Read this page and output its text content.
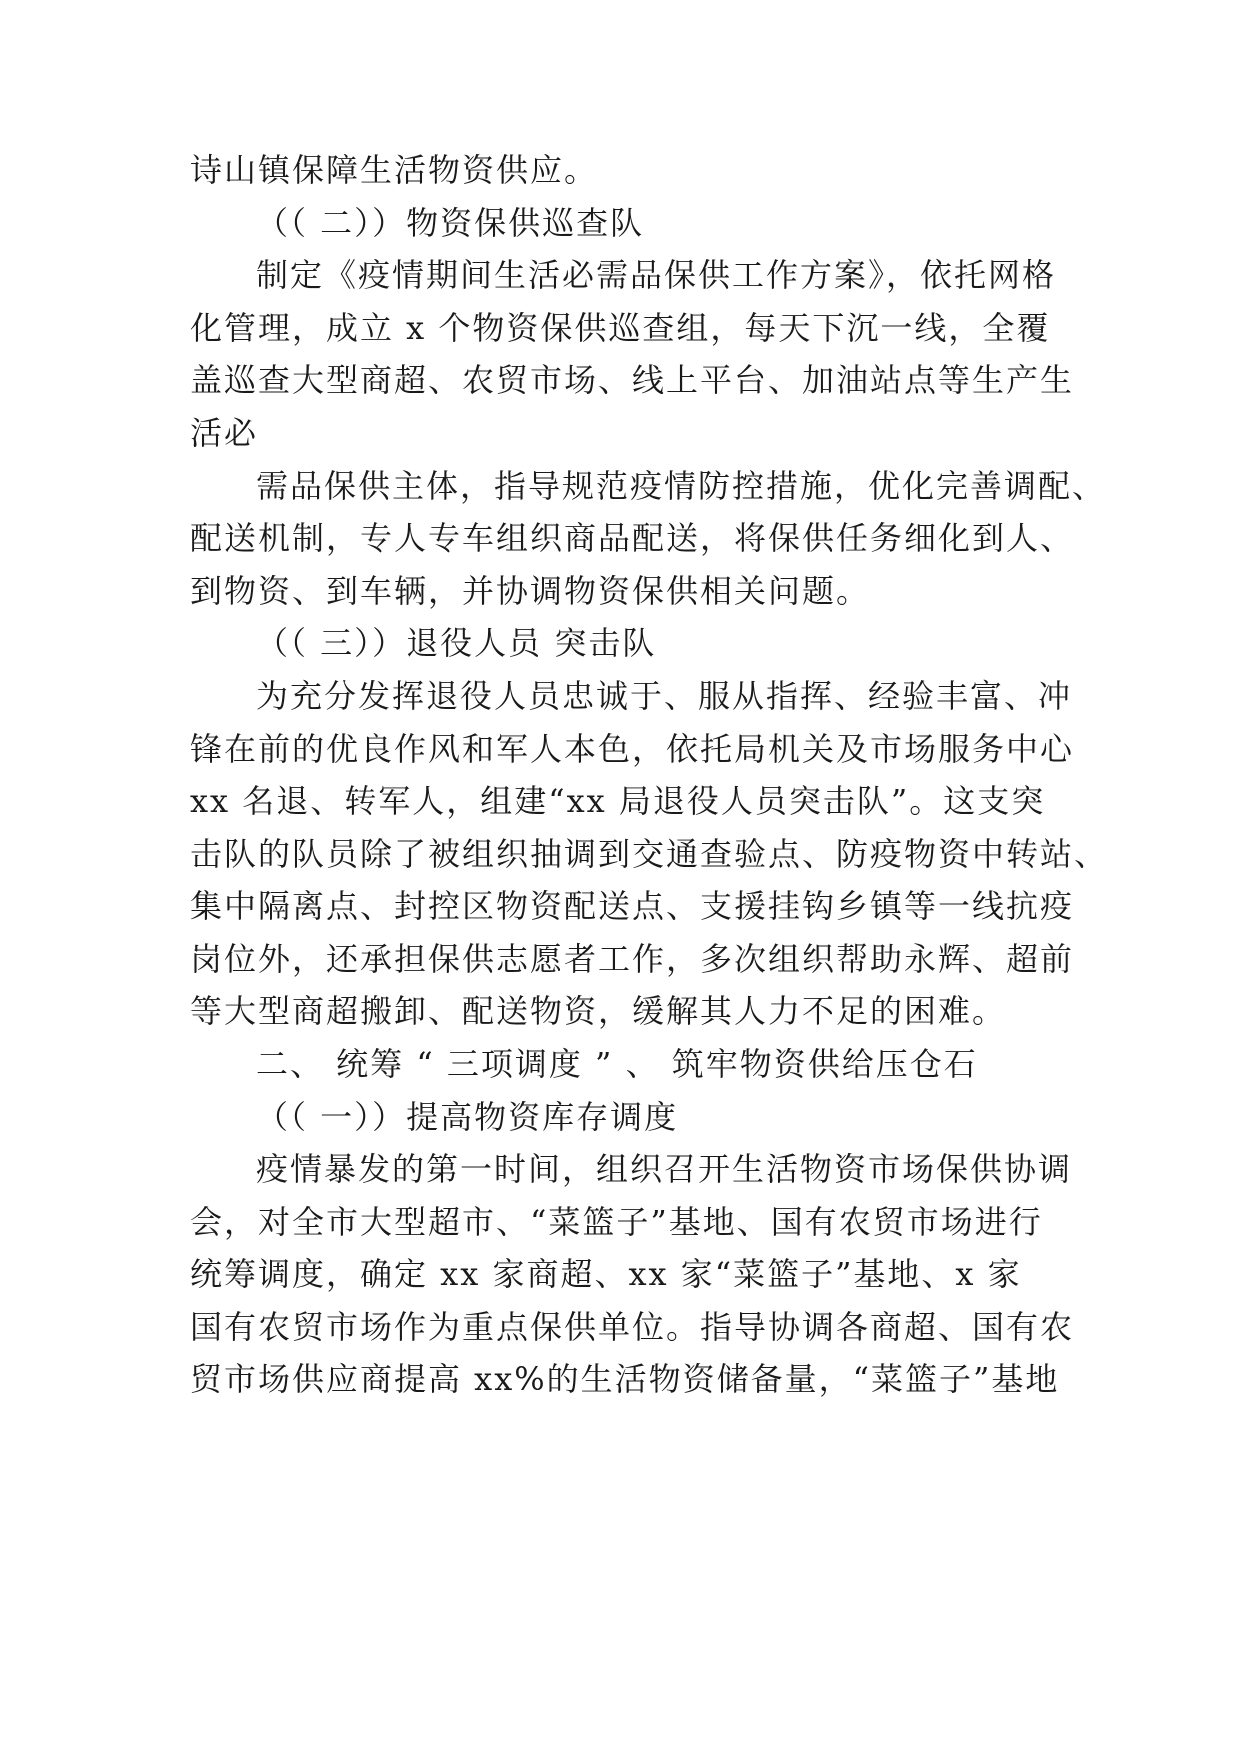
诗山镇保障生活物资供应。
（（ 二））物资保供巡查队
制定《疫情期间生活必需品保供工作方案》，依托网格
化管理，成立 x 个物资保供巡查组，每天下沉一线，全覆
盖巡查大型商超、农贸市场、线上平台、加油站点等生产生
活必
需品保供主体，指导规范疫情防控措施，优化完善调配、
配送机制，专人专车组织商品配送，将保供任务细化到人、
到物资、到车辆，并协调物资保供相关问题。
（（ 三））退役人员 突击队
为充分发挥退役人员忠诚于、服从指挥、经验丰富、冲
锋在前的优良作风和军人本色，依托局机关及市场服务中心
xx 名退、转军人，组建“xx 局退役人员突击队”。这支突
击队的队员除了被组织抽调到交通查验点、防疫物资中转站、
集中隔离点、封控区物资配送点、支援挂钩乡镇等一线抗疫
岗位外，还承担保供志愿者工作，多次组织帮助永辉、超前
等大型商超搬卸、配送物资，缓解其人力不足的困难。
二、 统筹 “ 三项调度 ” 、 筑牢物资供给压仓石
（（ 一））提高物资库存调度
疫情暴发的第一时间，组织召开生活物资市场保供协调
会，对全市大型超市、“菜篮子”基地、国有农贸市场进行
统筹调度，确定 xx 家商超、xx 家“菜篮子”基地、x 家
国有农贸市场作为重点保供单位。指导协调各商超、国有农
贸市场供应商提高 xx%的生活物资储备量，“菜篮子”基地
